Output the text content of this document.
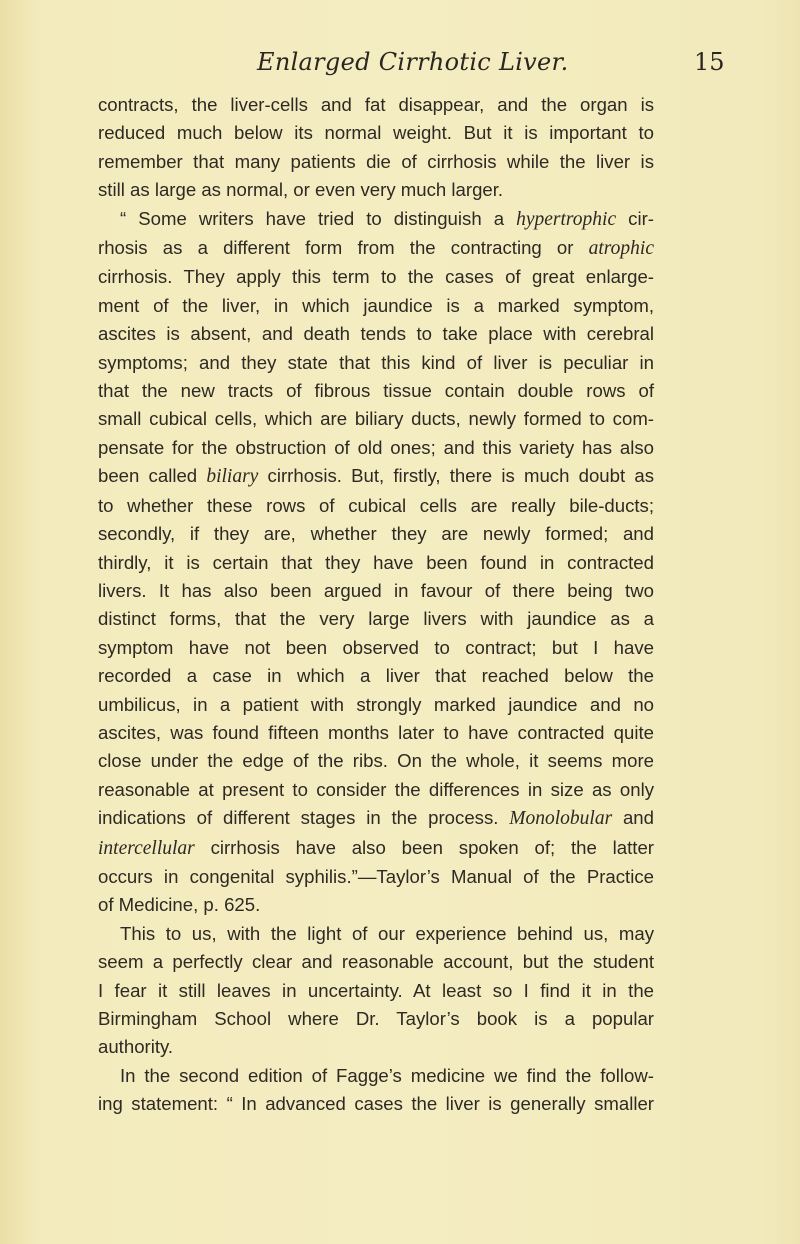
Enlarged Cirrhotic Liver.	15
contracts, the liver-cells and fat disappear, and the organ is
reduced much below its normal weight. But it is important to
remember that many patients die of cirrhosis while the liver is
still as large as normal, or even very much larger.
“ Some writers have tried to distinguish a hypertrophic cir-
rhosis as a different form from the contracting or atrophic
cirrhosis. They apply this term to the cases of great enlarge-
ment of the liver, in which jaundice is a marked symptom,
ascites is absent, and death tends to take place with cerebral
symptoms; and they state that this kind of liver is peculiar in
that the new tracts of fibrous tissue contain double rows of
small cubical cells, which are biliary ducts, newly formed to com-
pensate for the obstruction of old ones; and this variety has also
been called biliary cirrhosis. But, firstly, there is much doubt as
to whether these rows of cubical cells are really bile-ducts;
secondly, if they are, whether they are newly formed; and
thirdly, it is certain that they have been found in contracted
livers. It has also been argued in favour of there being two
distinct forms, that the very large livers with jaundice as a
symptom have not been observed to contract; but I have
recorded a case in which a liver that reached below the
umbilicus, in a patient with strongly marked jaundice and no
ascites, was found fifteen months later to have contracted quite
close under the edge of the ribs. On the whole, it seems more
reasonable at present to consider the differences in size as only
indications of different stages in the process. Monolobular and
intercellular cirrhosis have also been spoken of; the latter
occurs in congenital syphilis.”—Taylor’s Manual of the Practice
of Medicine, p. 625.
This to us, with the light of our experience behind us, may
seem a perfectly clear and reasonable account, but the student
I fear it still leaves in uncertainty. At least so I find it in the
Birmingham School where Dr. Taylor’s book is a popular
authority.
In the second edition of Fagge’s medicine we find the follow-
ing statement: “ In advanced cases the liver is generally smaller
